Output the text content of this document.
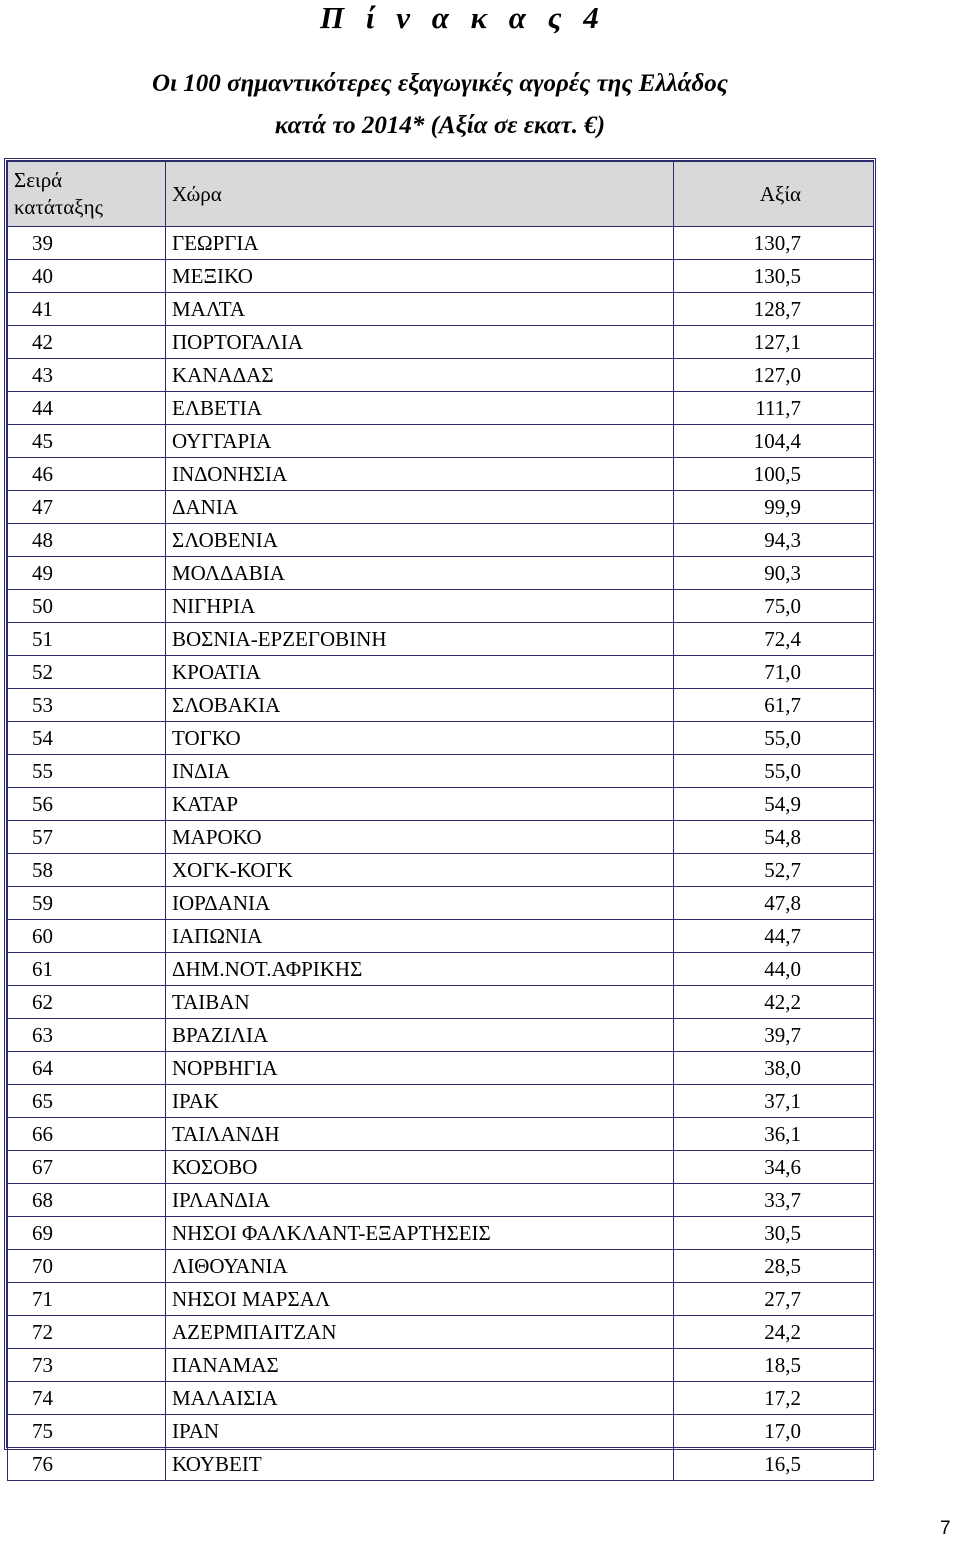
Π ί ν α κ α ς 4
Οι 100 σημαντικότερες εξαγωγικές αγορές της Ελλάδος
κατά το 2014* (Αξία σε εκατ. €)
Σειρά
κατάταξης	Χώρα	Αξία
39	ΓΕΩΡΓΙΑ	130,7
40	ΜΕΞΙΚΟ	130,5
41	ΜΑΛΤΑ	128,7
42	ΠΟΡΤΟΓΑΛΙΑ	127,1
43	ΚΑΝΑΔΑΣ	127,0
44	ΕΛΒΕΤΙΑ	111,7
45	ΟΥΓΓΑΡΙΑ	104,4
46	ΙΝΔΟΝΗΣΙΑ	100,5
47	ΔΑΝΙΑ	99,9
48	ΣΛΟΒΕΝΙΑ	94,3
49	ΜΟΛΔΑΒΙΑ	90,3
50	ΝΙΓΗΡΙΑ	75,0
51	ΒΟΣΝΙΑ-ΕΡΖΕΓΟΒΙΝΗ	72,4
52	ΚΡΟΑΤΙΑ	71,0
53	ΣΛΟΒΑΚΙΑ	61,7
54	ΤΟΓΚΟ	55,0
55	ΙΝΔΙΑ	55,0
56	ΚΑΤΑΡ	54,9
57	ΜΑΡΟΚΟ	54,8
58	ΧΟΓΚ-ΚΟΓΚ	52,7
59	ΙΟΡΔΑΝΙΑ	47,8
60	ΙΑΠΩΝΙΑ	44,7
61	ΔΗΜ.ΝΟΤ.ΑΦΡΙΚΗΣ	44,0
62	ΤΑΙΒΑΝ	42,2
63	ΒΡΑΖΙΛΙΑ	39,7
64	ΝΟΡΒΗΓΙΑ	38,0
65	ΙΡΑΚ	37,1
66	ΤΑΙΛΑΝΔΗ	36,1
67	ΚΟΣΟΒΟ	34,6
68	ΙΡΛΑΝΔΙΑ	33,7
69	ΝΗΣΟΙ ΦΑΛΚΛΑΝΤ-ΕΞΑΡΤΗΣΕΙΣ	30,5
70	ΛΙΘΟΥΑΝΙΑ	28,5
71	ΝΗΣΟΙ ΜΑΡΣΑΛ	27,7
72	ΑΖΕΡΜΠΑΙΤΖΑΝ	24,2
73	ΠΑΝΑΜΑΣ	18,5
74	ΜΑΛΑΙΣΙΑ	17,2
75	ΙΡΑΝ	17,0
76	ΚΟΥΒΕΙΤ	16,5
7
